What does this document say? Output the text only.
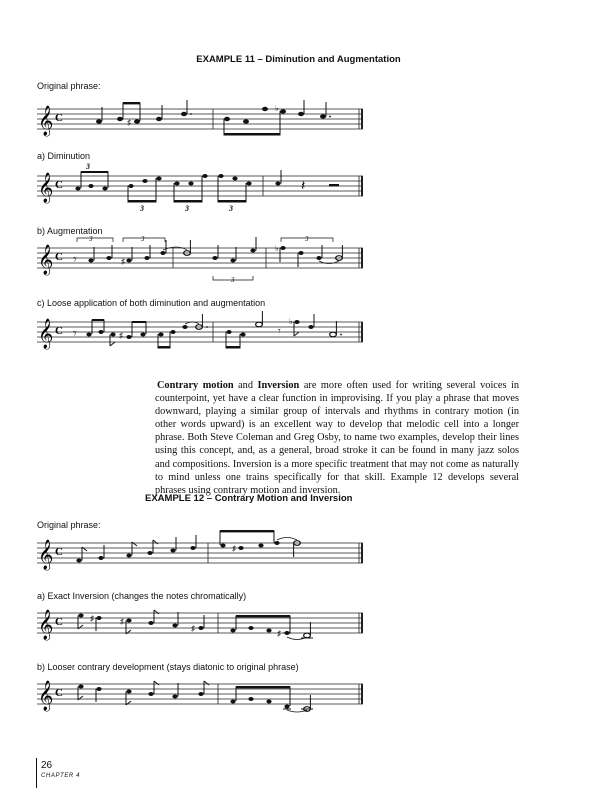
EXAMPLE 11 – Diminution and Augmentation
Original phrase:
𝄞 C	♯
♭
a) Diminution
𝄞 C
3
3	3	3
𝄽
b) Augmentation
𝄞 C 𝄾
3	3
♯
3
3
♭
c) Loose application of both diminution and augmentation
𝄞 C 𝄾	♯	𝄾
♭

Contrary motion and Inversion are more often used for writing several voices in counterpoint, yet have a clear function in improvising. If you play a phrase that moves downward, playing a similar group of intervals and rhythms in contrary motion (in other words upward) is an excellent way to develop that melodic cell into a longer phrase. Both Steve Coleman and Greg Osby, to name two examples, develop their lines using this concept, and, as a general, broad stroke it can be found in many jazz solos and compositions. Inversion is a more specific treatment that may not come as naturally to mind unless one trains specifically for that skill. Example 12 develops several phrases using contrary motion and inversion.

EXAMPLE 12 – Contrary Motion and Inversion
Original phrase:
𝄞 C	♯
a) Exact Inversion (changes the notes chromatically)
𝄞 C	♯	♯
♯
♯
b) Looser contrary development (stays diatonic to original phrase)
𝄞 C
26
CHAPTER 4
